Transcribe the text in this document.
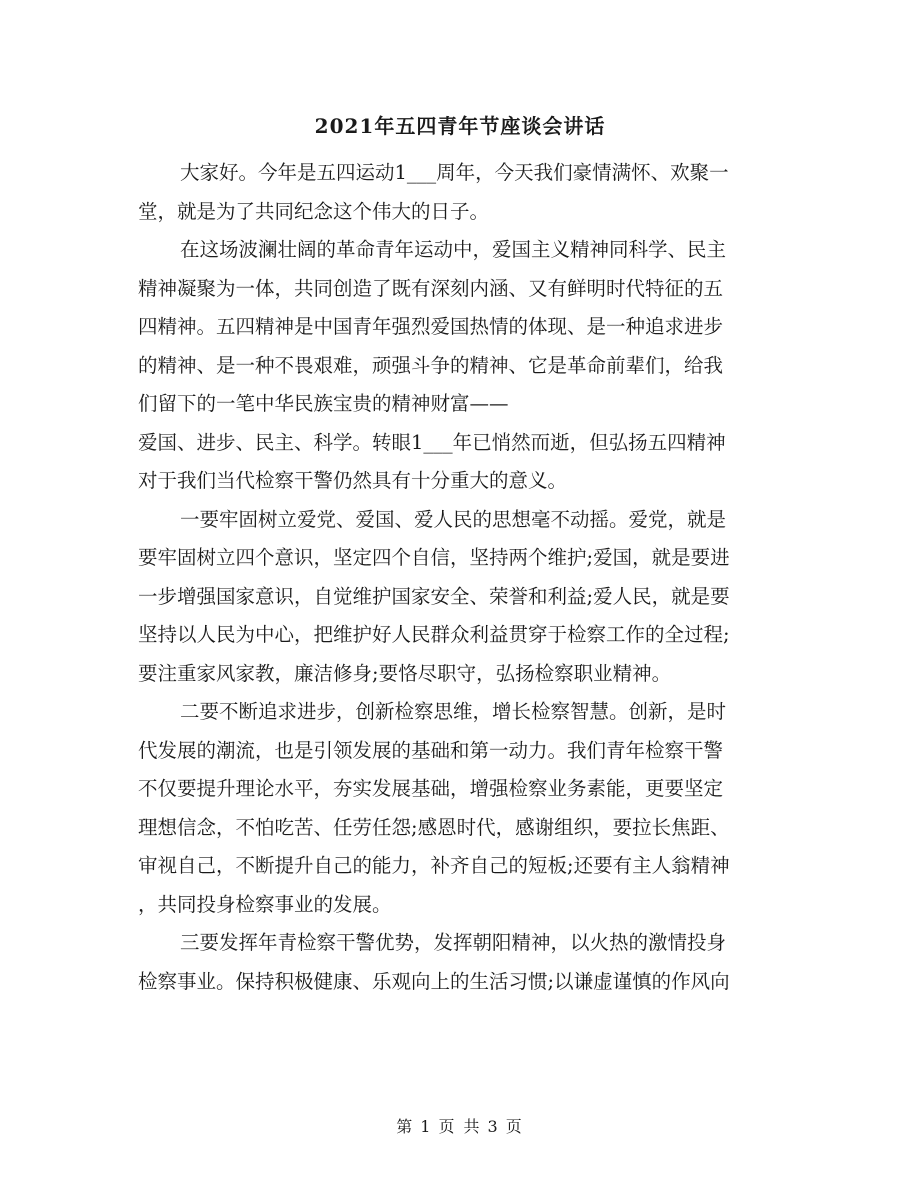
2021年五四青年节座谈会讲话
大家好。今年是五四运动1___周年，今天我们豪情满怀、欢聚一
堂，就是为了共同纪念这个伟大的日子。
在这场波澜壮阔的革命青年运动中，爱国主义精神同科学、民主
精神凝聚为一体，共同创造了既有深刻内涵、又有鲜明时代特征的五
四精神。五四精神是中国青年强烈爱国热情的体现、是一种追求进步
的精神、是一种不畏艰难，顽强斗争的精神、它是革命前辈们，给我
们留下的一笔中华民族宝贵的精神财富——
爱国、进步、民主、科学。转眼1___年已悄然而逝，但弘扬五四精神
对于我们当代检察干警仍然具有十分重大的意义。
一要牢固树立爱党、爱国、爱人民的思想毫不动摇。爱党，就是
要牢固树立四个意识，坚定四个自信，坚持两个维护;爱国，就是要进
一步增强国家意识，自觉维护国家安全、荣誉和利益;爱人民，就是要
坚持以人民为中心，把维护好人民群众利益贯穿于检察工作的全过程;
要注重家风家教，廉洁修身;要恪尽职守，弘扬检察职业精神。
二要不断追求进步，创新检察思维，增长检察智慧。创新，是时
代发展的潮流，也是引领发展的基础和第一动力。我们青年检察干警
不仅要提升理论水平，夯实发展基础，增强检察业务素能，更要坚定
理想信念，不怕吃苦、任劳任怨;感恩时代，感谢组织，要拉长焦距、
审视自己，不断提升自己的能力，补齐自己的短板;还要有主人翁精神
，共同投身检察事业的发展。
三要发挥年青检察干警优势，发挥朝阳精神，以火热的激情投身
检察事业。保持积极健康、乐观向上的生活习惯;以谦虚谨慎的作风向
第 1 页 共 3 页
